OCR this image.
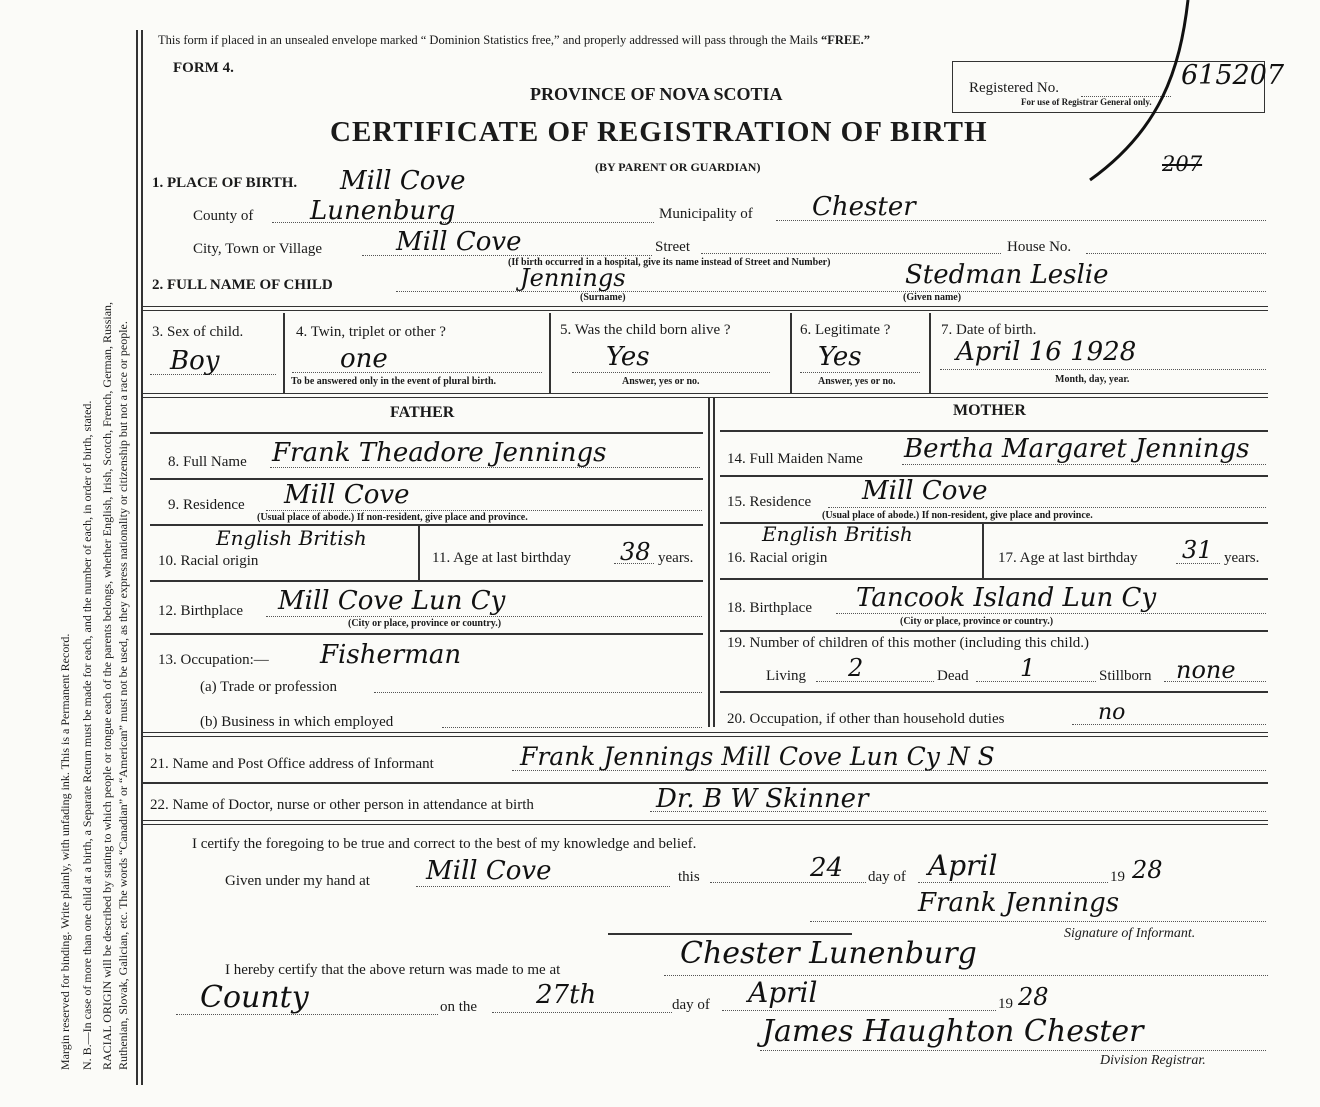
Margin reserved for binding. Write plainly, with unfading ink. This is a Permanent Record. N. B.—In case of more than one child at a birth, a Separate Return must be made for each, and the number of each, in order of birth, stated. RACIAL ORIGIN will be described by stating to which people or tongue each of the parents belongs, whether English, Irish, Scotch, French, German, Russian, Ruthenian, Slovak, Galician, etc. The words “Canadian” or “American” must not be used, as they express nationality or citizenship but not a race or people.
This form if placed in an unsealed envelope marked “ Dominion Statistics free,” and properly addressed will pass through the Mails “FREE.”
FORM 4.
PROVINCE OF NOVA SCOTIA
CERTIFICATE OF REGISTRATION OF BIRTH
(BY PARENT OR GUARDIAN)
Registered No.
For use of Registrar General only.
615207
207
1. PLACE OF BIRTH. Mill Cove
County of Lunenburg	Municipality of Chester
City, Town or Village	Mill Cove	Street	House No.
(If birth occurred in a hospital, give its name instead of Street and Number)
2. FULL NAME OF CHILD	Jennings
(Surname)
Stedman Leslie
(Given name)
3. Sex of child.
Boy
4. Twin, triplet or other ?
one
To be answered only in the event of plural birth.
5. Was the child born alive ?
Yes
Answer, yes or no.
6. Legitimate ?
Yes
Answer, yes or no.
7. Date of birth.
April 16 1928
Month, day, year.
FATHER
8. Full Name Frank Theadore Jennings
9. Residence Mill Cove
(Usual place of abode.) If non-resident, give place and province.
10. Racial origin
English British
11. Age at last birthday 38 years.
12. Birthplace Mill Cove Lun Cy
(City or place, province or country.)
13. Occupation:— Fisherman
(a) Trade or profession
(b) Business in which employed
MOTHER
14. Full Maiden Name Bertha Margaret Jennings
15. Residence Mill Cove
(Usual place of abode.) If non-resident, give place and province.
16. Racial origin
English British
17. Age at last birthday 31 years.
18. Birthplace Tancook Island Lun Cy
(City or place, province or country.)
19. Number of children of this mother (including this child.)
Living 2	Dead 1	Stillborn none
20. Occupation, if other than household duties	no
21. Name and Post Office address of Informant	Frank Jennings Mill Cove Lun Cy N S
22. Name of Doctor, nurse or other person in attendance at birth	Dr. B W Skinner
I certify the foregoing to be true and correct to the best of my knowledge and belief.
Given under my hand at Mill Cove	this	24 day of April	19 28
Frank Jennings
Signature of Informant.
I hereby certify that the above return was made to me at	Chester Lunenburg
County	on the 27th	day of April	19 28
James Haughton Chester
Division Registrar.
